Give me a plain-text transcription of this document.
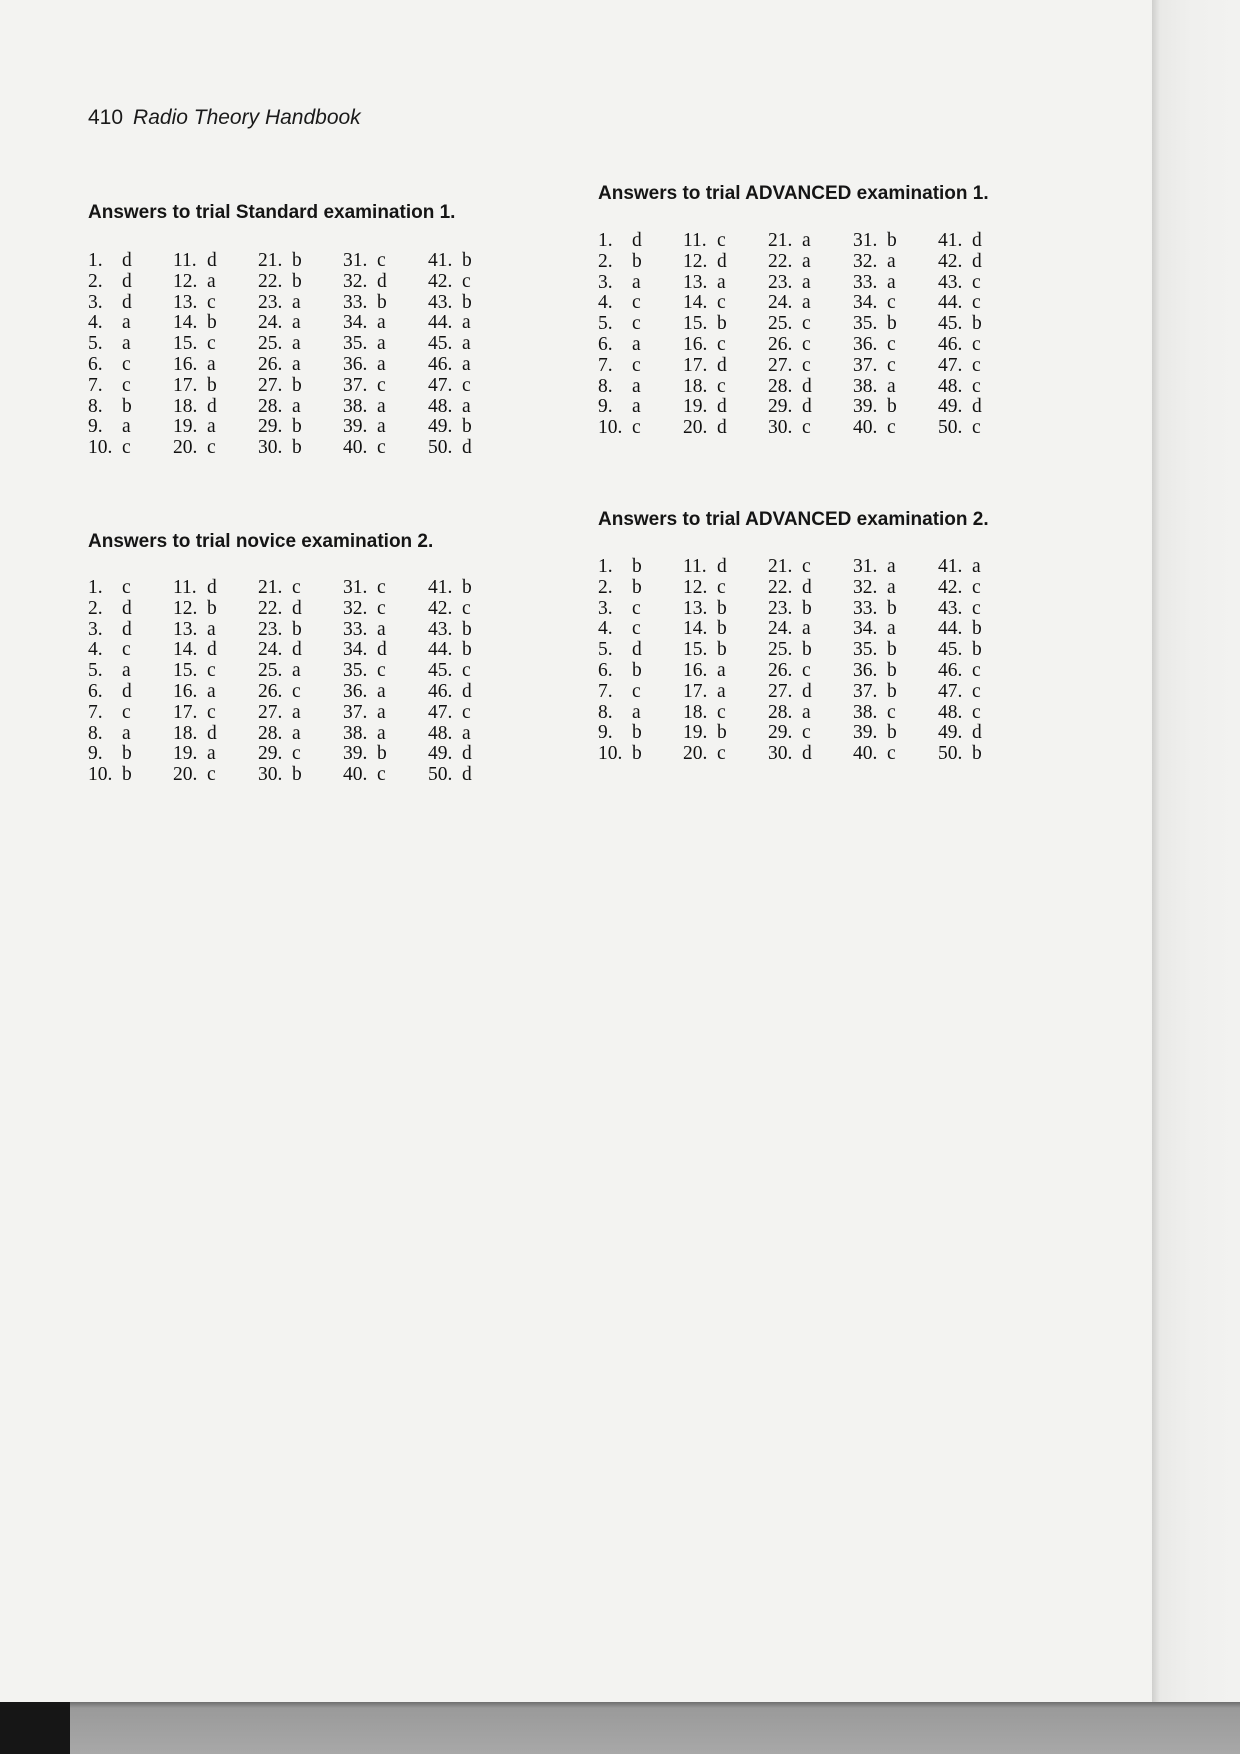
410 Radio Theory Handbook
Answers to trial Standard examination 1.
1. d 11. d 21. b 31. c 41. b
2. d 12. a 22. b 32. d 42. c
3. d 13. c 23. a 33. b 43. b
4. a 14. b 24. a 34. a 44. a
5. a 15. c 25. a 35. a 45. a
6. c 16. a 26. a 36. a 46. a
7. c 17. b 27. b 37. c 47. c
8. b 18. d 28. a 38. a 48. a
9. a 19. a 29. b 39. a 49. b
10. c 20. c 30. b 40. c 50. d
Answers to trial novice examination 2.
1. c 11. d 21. c 31. c 41. b
2. d 12. b 22. d 32. c 42. c
3. d 13. a 23. b 33. a 43. b
4. c 14. d 24. d 34. d 44. b
5. a 15. c 25. a 35. c 45. c
6. d 16. a 26. c 36. a 46. d
7. c 17. c 27. a 37. a 47. c
8. a 18. d 28. a 38. a 48. a
9. b 19. a 29. c 39. b 49. d
10. b 20. c 30. b 40. c 50. d
Answers to trial ADVANCED examination 1.
1. d 11. c 21. a 31. b 41. d
2. b 12. d 22. a 32. a 42. d
3. a 13. a 23. a 33. a 43. c
4. c 14. c 24. a 34. c 44. c
5. c 15. b 25. c 35. b 45. b
6. a 16. c 26. c 36. c 46. c
7. c 17. d 27. c 37. c 47. c
8. a 18. c 28. d 38. a 48. c
9. a 19. d 29. d 39. b 49. d
10. c 20. d 30. c 40. c 50. c
Answers to trial ADVANCED examination 2.
1. b 11. d 21. c 31. a 41. a
2. b 12. c 22. d 32. a 42. c
3. c 13. b 23. b 33. b 43. c
4. c 14. b 24. a 34. a 44. b
5. d 15. b 25. b 35. b 45. b
6. b 16. a 26. c 36. b 46. c
7. c 17. a 27. d 37. b 47. c
8. a 18. c 28. a 38. c 48. c
9. b 19. b 29. c 39. b 49. d
10. b 20. c 30. d 40. c 50. b
